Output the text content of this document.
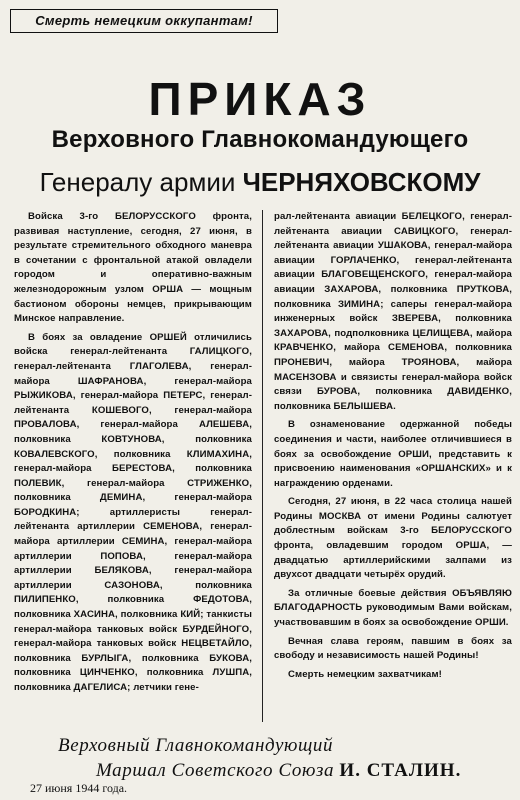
Смерть немецким оккупантам!
ПРИКАЗ
Верховного Главнокомандующего
Генералу армии ЧЕРНЯХОВСКОМУ

Войска 3-го БЕЛОРУССКОГО фронта, развивая наступление, сегодня, 27 июня, в результате стремительного обходного маневра в сочетании с фронтальной атакой овладели городом и оперативно-важным железнодорожным узлом ОРША — мощным бастионом обороны немцев, прикрывающим Минское направление.

В боях за овладение ОРШЕЙ отличились войска генерал-лейтенанта ГАЛИЦКОГО, генерал-лейтенанта ГЛАГОЛЕВА, генерал-майора ШАФРАНОВА, генерал-майора РЫЖИКОВА, генерал-майора ПЕТЕРС, генерал-лейтенанта КОШЕВОГО, генерал-майора ПРОВАЛОВА, генерал-майора АЛЕШЕВА, полковника КОВТУНОВА, полковника КОВАЛЕВСКОГО, полковника КЛИМАХИНА, генерал-майора БЕРЕСТОВА, полковника ПОЛЕВИК, генерал-майора СТРИЖЕНКО, полковника ДЕМИНА, генерал-майора БОРОДКИНА; артиллеристы генерал-лейтенанта артиллерии СЕМЕНОВА, генерал-майора артиллерии СЕМИНА, генерал-майора артиллерии ПОПОВА, генерал-майора артиллерии БЕЛЯКОВА, генерал-майора артиллерии САЗОНОВА, полковника ПИЛИПЕНКО, полковника ФЕДОТОВА, полковника ХАСИНА, полковника КИЙ; танкисты генерал-майора танковых войск БУРДЕЙНОГО, генерал-майора танковых войск НЕЦВЕТАЙЛО, полковника БУРЛЫГА, полковника БУКОВА, полковника ЦИНЧЕНКО, полковника ЛУШПА, полковника ДАГЕЛИСА; летчики гене-

рал-лейтенанта авиации БЕЛЕЦКОГО, генерал-лейтенанта авиации САВИЦКОГО, генерал-лейтенанта авиации УШАКОВА, генерал-майора авиации ГОРЛАЧЕНКО, генерал-лейтенанта авиации БЛАГОВЕЩЕНСКОГО, генерал-майора авиации ЗАХАРОВА, полковника ПРУТКОВА, полковника ЗИМИНА; саперы генерал-майора инженерных войск ЗВЕРЕВА, полковника ЗАХАРОВА, подполковника ЦЕЛИЩЕВА, майора КРАВЧЕНКО, майора СЕМЕНОВА, полковника ПРОНЕВИЧ, майора ТРОЯНОВА, майора МАСЕНЗОВА и связисты генерал-майора войск связи БУРОВА, полковника ДАВИДЕНКО, полковника БЕЛЫШЕВА.

В ознаменование одержанной победы соединения и части, наиболее отличившиеся в боях за освобождение ОРШИ, представить к присвоению наименования «ОРШАНСКИХ» и к награждению орденами.

Сегодня, 27 июня, в 22 часа столица нашей Родины МОСКВА от имени Родины салютует доблестным войскам 3-го БЕЛОРУССКОГО фронта, овладевшим городом ОРША, — двадцатью артиллерийскими залпами из двухсот двадцати четырёх орудий.

За отличные боевые действия ОБЪЯВЛЯЮ БЛАГОДАРНОСТЬ руководимым Вами войскам, участвовавшим в боях за освобождение ОРШИ.

Вечная слава героям, павшим в боях за свободу и независимость нашей Родины!

Смерть немецким захватчикам!

Верховный Главнокомандующий
Маршал Советского Союза И. СТАЛИН.
27 июня 1944 года.
